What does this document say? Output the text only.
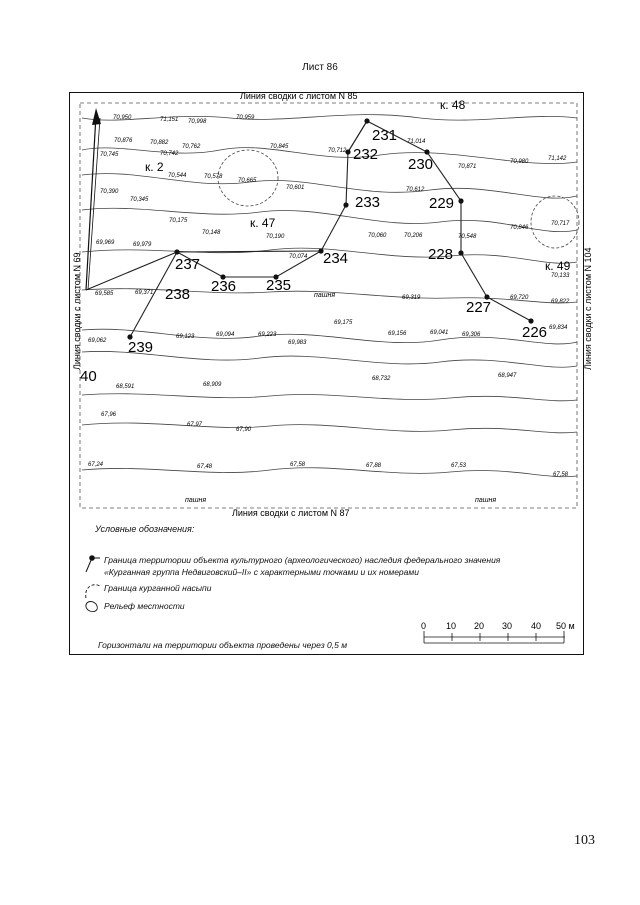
Лист 86
231
232
230
233	229
234	228
237
236 235
238
227
226
239
40
к. 2
к. 47
к. 48
к. 49
пашня
пашня	пашня
70,950	71,151 70,998
70,959
70,876	70,882
70,762
70,742
70,745
70,544	70,578
70,665
70,845
70,712
71,014
70,980	71,142
70,390
70,601	70,612
70,871
70,345
70,175
70,148
70,190	70,060	70,206	70,548
70,846
70,717
69,969	69,979
70,074
70,133
69,585	69,371
69,319	69,720
69,822
69,175
69,156	69,041 69,306
69,834
69,062
69,123	69,094	69,223
69,983
68,732	68,947
68,591	68,909
67,96
67,97
67,90
67,24	67,48	67,58	67,88	67,53
67,58
Линия сводки с листом N 85
Линия сводки с листом N 87
Линия сводки с листом N 69	Линия сводки с листом N 104
0 10 20 30 40 50 м
Условные обозначения:
Граница территории объекта культурного (археологического) наследия федерального значения
«Курганная группа Недвиговский–II» с характерными точками и их номерами
Граница курганной насыпи
Рельеф местности
Горизонтали на территории объекта проведены через 0,5 м
103
